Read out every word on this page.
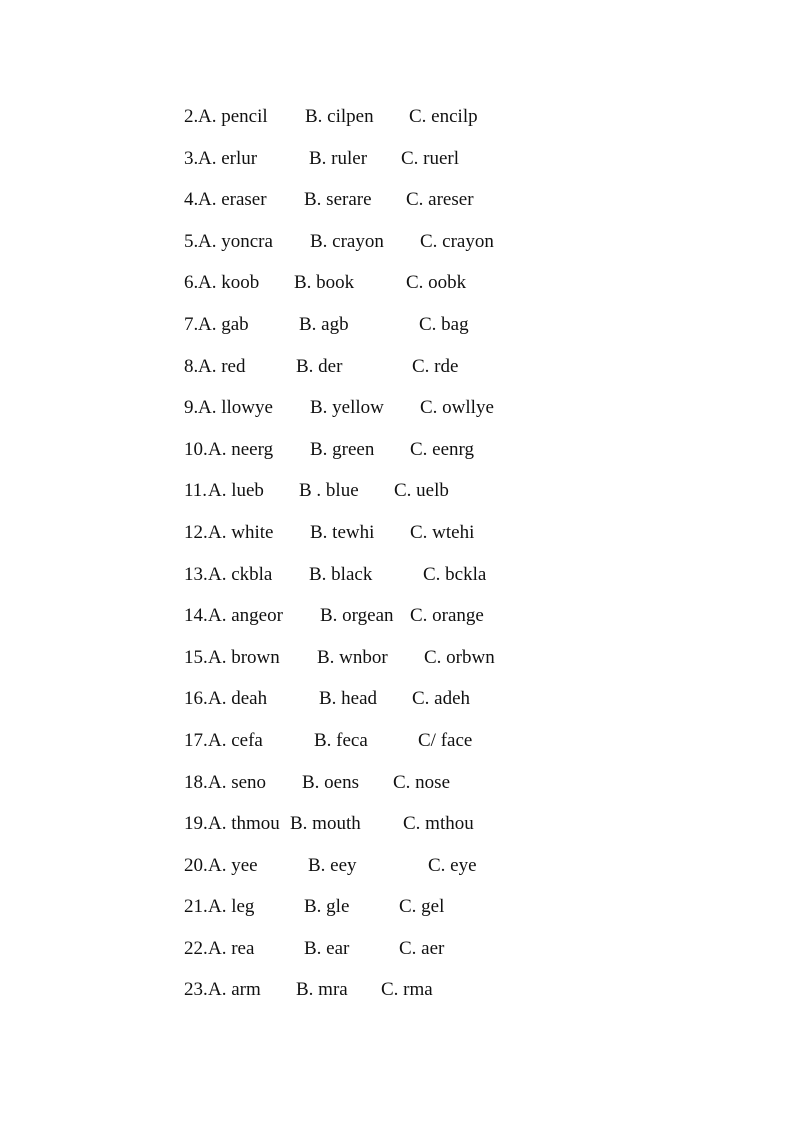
2. A. pencil B. cilpen C. encilp
3. A. erlur	B. ruler C. ruerl
4. A. eraser B. serare C. areser
5. A. yoncra B. crayon C. crayon
6. A. koob B. book	C. oobk
7. A. gab	B. agb	C. bag
8. A. red	B. der	C. rde
9. A. llowye B. yellow C. owllye
10. A. neerg B. green C. eenrg
11. A. lueb B . blue C. uelb
12. A. white B. tewhi C. wtehi
13. A. ckbla B. black	C. bckla
14. A. angeor B. orgean C. orange
15. A. brown B. wnbor C. orbwn
16. A. deah	B. head C. adeh
17. A. cefa	B. feca	C/ face
18. A. seno B. oens C. nose
19. A. thmou B. mouth C. mthou
20. A. yee	B. eey	C. eye
21. A. leg	B. gle	C. gel
22. A. rea	B. ear	C. aer
23. A. arm B. mra C. rma
